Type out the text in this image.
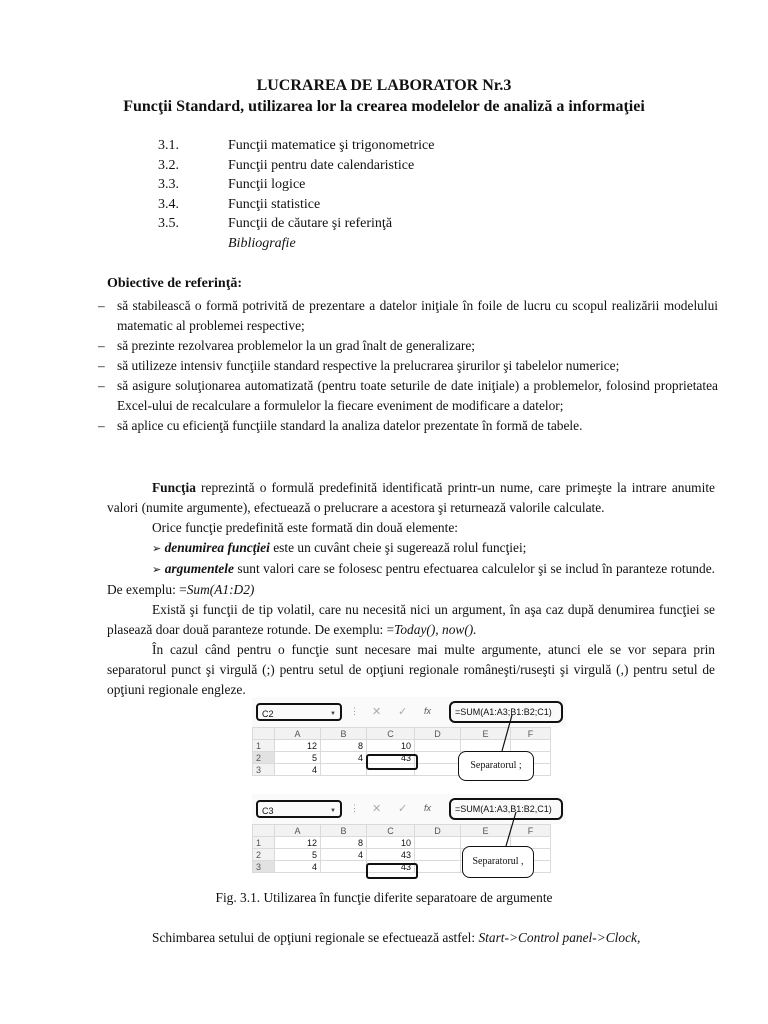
LUCRAREA DE LABORATOR Nr.3
Funcţii Standard, utilizarea lor la crearea modelelor de analiză a informaţiei
3.1.	Funcţii matematice şi trigonometrice
3.2.	Funcţii pentru date calendaristice
3.3.	Funcţii logice
3.4.	Funcţii statistice
3.5.	Funcţii de căutare şi referinţă
Bibliografie
Obiective de referinţă:
– să stabilească o formă potrivită de prezentare a datelor iniţiale în foile de lucru cu scopul realizării modelului matematic al problemei respective;
– să prezinte rezolvarea problemelor la un grad înalt de generalizare;
– să utilizeze intensiv funcţiile standard respective la prelucrarea şirurilor şi tabelelor numerice;
– să asigure soluţionarea automatizată (pentru toate seturile de date iniţiale) a problemelor, folosind proprietatea Excel-ului de recalculare a formulelor la fiecare eveniment de modificare a datelor;
– să aplice cu eficienţă funcţiile standard la analiza datelor prezentate în formă de tabele.
Funcţia reprezintă o formulă predefinită identificată printr-un nume, care primeşte la intrare anumite valori (numite argumente), efectuează o prelucrare a acestora şi returnează valorile calculate.
Orice funcţie predefinită este formată din două elemente:
➢ denumirea funcţiei este un cuvânt cheie şi sugerează rolul funcţiei;
➢ argumentele sunt valori care se folosesc pentru efectuarea calculelor şi se includ în paranteze rotunde. De exemplu: =Sum(A1:D2)
Există şi funcţii de tip volatil, care nu necesită nici un argument, în aşa caz după denumirea funcţiei se plasează doar două paranteze rotunde. De exemplu: =Today(), now().
În cazul când pentru o funcţie sunt necesare mai multe argumente, atunci ele se vor separa prin separatorul punct şi virgulă (;) pentru setul de opţiuni regionale româneşti/ruseşti şi virgulă (,) pentru setul de opţiuni regionale engleze.
C2	▼ ⋮ ✕ ✓ fx	=SUM(A1:A3;B1:B2;C1)
	A	B	C	D	E	F
1	12	8	10			
2	5	4	43			
3	4						Separatorul ;
C3	▼ ⋮ ✕ ✓ fx	=SUM(A1:A3,B1:B2,C1)
	A	B	C	D	E	F
1	12	8	10			
2	5	4	43			
3	4		43				Separatorul ,
Fig. 3.1. Utilizarea în funcţie diferite separatoare de argumente
Schimbarea setului de opţiuni regionale se efectuează astfel: Start->Control panel->Clock,
